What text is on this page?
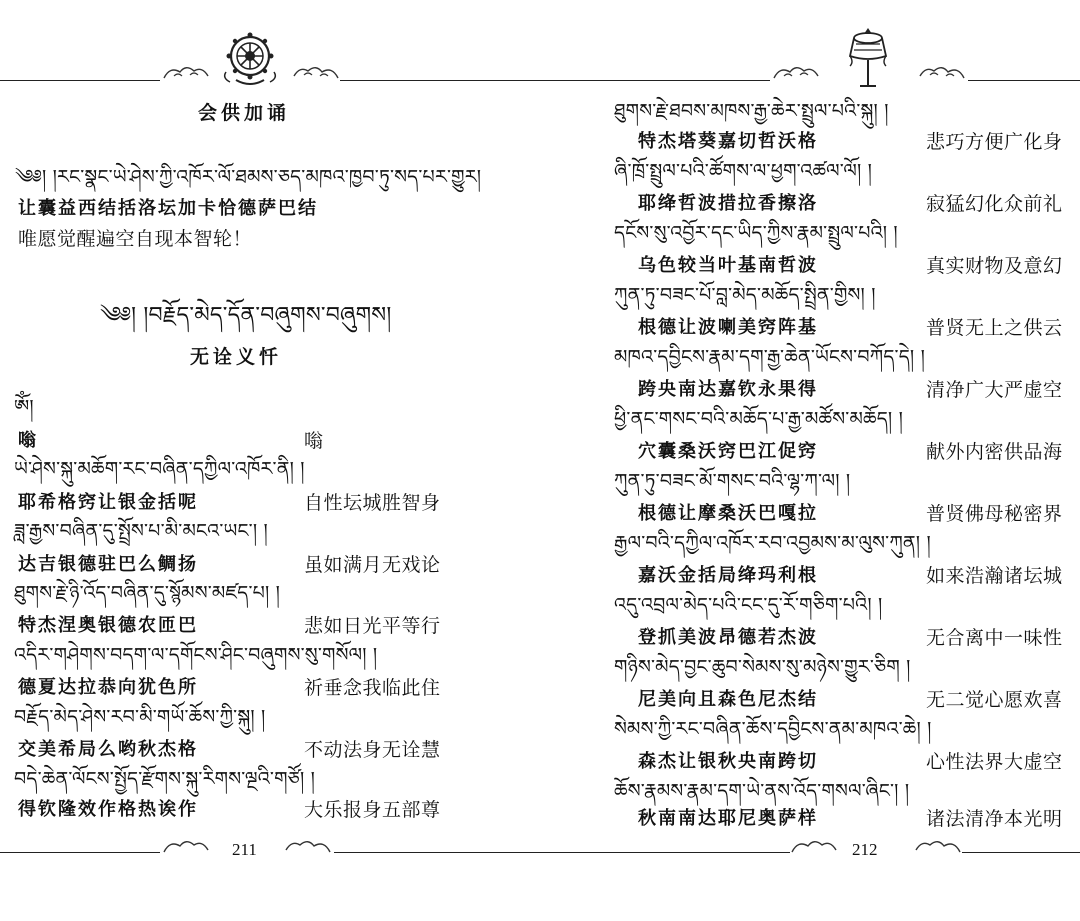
会供加诵
༄༅། །རང་སྣང་ཡེ་ཤེས་ཀྱི་འཁོར་ལོ་ཐམས་ཅད་མཁའ་ཁྱབ་ཏུ་སད་པར་གྱུར།
让囊益西结括洛坛加卡恰德萨巴结
唯愿觉醒遍空自现本智轮！
༄༅། །བརྗོད་མེད་དོན་བཞུགས་བཞུགས།
无诠义忏
ཨོཾ།
嗡	嗡
ཡེ་ཤེས་སྐུ་མཆོག་རང་བཞིན་དཀྱིལ་འཁོར་ནི། །
耶希格窍让银金括呢	自性坛城胜智身
ཟླ་རྒྱས་བཞིན་དུ་སྤྲོས་པ་མི་མངའ་ཡང་། །
达吉银德驻巴么鲷扬	虽如满月无戏论
ཐུགས་རྗེ་ཉི་འོད་བཞིན་དུ་སྙོམས་མཛད་པ། །
特杰涅奥银德农匝巴	悲如日光平等行
འདིར་གཤེགས་བདག་ལ་དགོངས་ཤིང་བཞུགས་སུ་གསོལ། །
德夏达拉恭向犹色所	祈垂念我临此住
བརྗོད་མེད་ཤེས་རབ་མི་གཡོ་ཆོས་ཀྱི་སྐུ། །
交美希局么哟秋杰格	不动法身无诠慧
བདེ་ཆེན་ལོངས་སྤྱོད་རྫོགས་སྐུ་རིགས་ལྔའི་གཙོ། །
得钦隆效作格热诶作	大乐报身五部尊
211
ཐུགས་རྗེ་ཐབས་མཁས་རྒྱ་ཆེར་སྤྲུལ་པའི་སྐུ། །
特杰塔葵嘉切哲沃格	悲巧方便广化身
ཞི་ཁྲོ་སྤྲུལ་པའི་ཚོགས་ལ་ཕྱག་འཚལ་ལོ། །
耶绛哲波措拉香擦洛	寂猛幻化众前礼
དངོས་སུ་འབྱོར་དང་ཡིད་ཀྱིས་རྣམ་སྤྲུལ་པའི། །
乌色较当叶基南哲波	真实财物及意幻
ཀུན་ཏུ་བཟང་པོ་བླ་མེད་མཆོད་སྤྲིན་གྱིས། །
根德让波喇美窍阵基	普贤无上之供云
མཁའ་དབྱིངས་རྣམ་དག་རྒྱ་ཆེན་ཡོངས་བཀོད་དེ། །
跨央南达嘉钦永果得	清净广大严虚空
ཕྱི་ནང་གསང་བའི་མཆོད་པ་རྒྱ་མཚོས་མཆོད། །
穴囊桑沃窍巴江促窍	献外内密供品海
ཀུན་ཏུ་བཟང་མོ་གསང་བའི་ལྷ་ཀ་ལ། །
根德让摩桑沃巴嘎拉	普贤佛母秘密界
རྒྱལ་བའི་དཀྱིལ་འཁོར་རབ་འབྱམས་མ་ལུས་ཀུན། །
嘉沃金括局绛玛利根	如来浩瀚诸坛城
འདུ་འབྲལ་མེད་པའི་ངང་དུ་རོ་གཅིག་པའི། །
登抓美波昂德若杰波	无合离中一味性
གཉིས་མེད་བྱང་ཆུབ་སེམས་སུ་མཉེས་གྱུར་ཅིག །
尼美向且森色尼杰结	无二觉心愿欢喜
སེམས་ཀྱི་རང་བཞིན་ཆོས་དབྱིངས་ནམ་མཁའ་ཆེ། །
森杰让银秋央南跨切	心性法界大虚空
ཆོས་རྣམས་རྣམ་དག་ཡེ་ནས་འོད་གསལ་ཞིང་། །
秋南南达耶尼奥萨样	诸法清净本光明
212
